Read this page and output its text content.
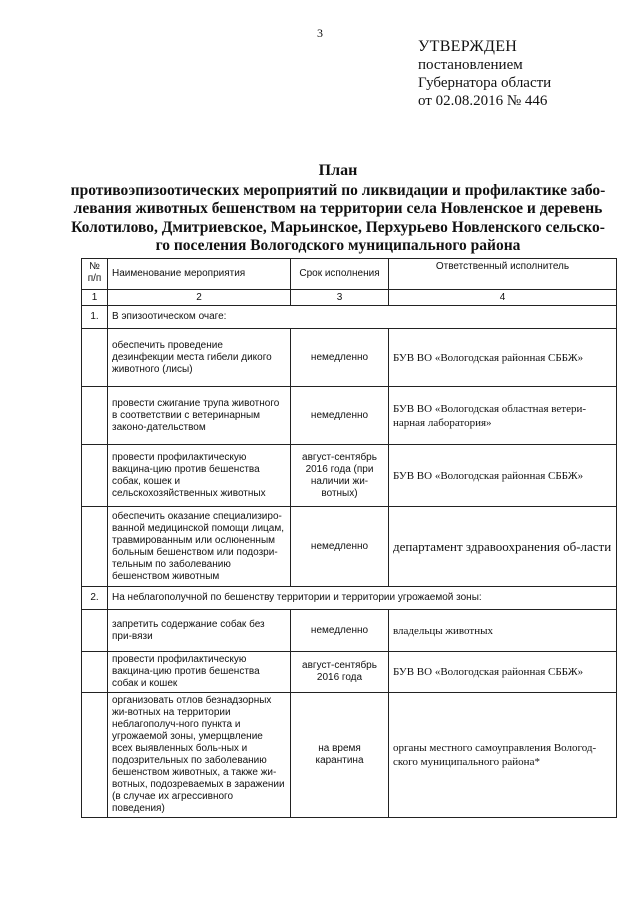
3
УТВЕРЖДЕН
постановлением
Губернатора области
от 02.08.2016 № 446
План
противоэпизоотических мероприятий по ликвидации и профилактике забо-
левания животных бешенством на территории села Новленское и деревень
Колотилово, Дмитриевское, Марьинское, Перхурьево Новленского сельско-
го поселения Вологодского муниципального района
№ п/п	Наименование мероприятия	Срок исполнения	Ответственный исполнитель
1	2	3	4
1.	В эпизоотическом очаге:		
	обеспечить проведение дезинфекции места гибели дикого животного (лисы)	немедленно	БУВ ВО «Вологодская районная СББЖ»
	провести сжигание трупа животного в соответствии с ветеринарным законо-дательством	немедленно	БУВ ВО «Вологодская областная ветери-нарная лаборатория»
	провести профилактическую вакцина-цию против бешенства собак, кошек и сельскохозяйственных животных	август-сентябрь 2016 года (при наличии жи-вотных)	БУВ ВО «Вологодская районная СББЖ»
	обеспечить оказание специализиро-ванной медицинской помощи лицам, травмированным или ослюненным больным бешенством или подозри-тельным по заболеванию бешенством животным	немедленно	департамент здравоохранения об-ласти
2.	На неблагополучной по бешенству территории и территории угрожаемой зоны:		
	запретить содержание собак без при-вязи	немедленно	владельцы животных
	провести профилактическую вакцина-цию против бешенства собак и кошек	август-сентябрь 2016 года	БУВ ВО «Вологодская районная СББЖ»
	организовать отлов безнадзорных жи-вотных на территории неблагополуч-ного пункта и угрожаемой зоны, умерщвление всех выявленных боль-ных и подозрительных по заболеванию бешенством животных, а также жи-вотных, подозреваемых в заражении (в случае их агрессивного поведения)	на время карантина	органы местного самоуправления Вологод-ского муниципального района*
